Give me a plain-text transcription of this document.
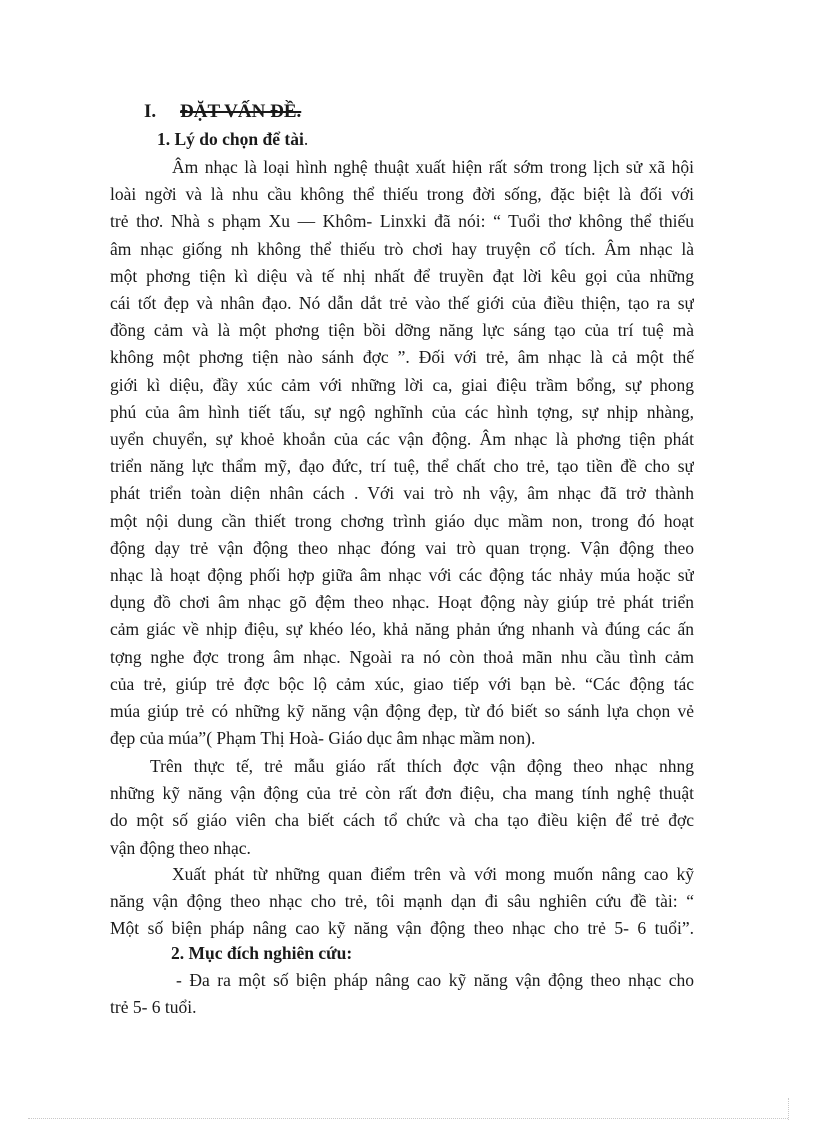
I. ĐẶT VẤN ĐỀ.
1. Lý do chọn để tài.
Âm nhạc là loại hình nghệ thuật xuất hiện rất sớm trong lịch sử xã hội
loài ngời và là nhu cầu không thể thiếu trong đời sống, đặc biệt là đối với
trẻ thơ. Nhà s phạm Xu — Khôm- Linxki đã nói: “ Tuổi thơ không thể thiếu
âm nhạc giống nh không thể thiếu trò chơi hay truyện cổ tích. Âm nhạc là
một phơng tiện kì diệu và tế nhị nhất để truyền đạt lời kêu gọi của những
cái tốt đẹp và nhân đạo. Nó dẫn dắt trẻ vào thế giới của điều thiện, tạo ra sự
đồng cảm và là một phơng tiện bồi dỡng năng lực sáng tạo của trí tuệ mà
không một phơng tiện nào sánh đợc ”. Đối với trẻ, âm nhạc là cả một thế
giới kì diệu, đầy xúc cảm với những lời ca, giai điệu trầm bổng, sự phong
phú của âm hình tiết tấu, sự ngộ nghĩnh của các hình tợng, sự nhịp nhàng,
uyển chuyển, sự khoẻ khoắn của các vận động. Âm nhạc là phơng tiện phát
triển năng lực thẩm mỹ, đạo đức, trí tuệ, thể chất cho trẻ, tạo tiền đề cho sự
phát triển toàn diện nhân cách . Với vai trò nh vậy, âm nhạc đã trở thành
một nội dung cần thiết trong chơng trình giáo dục mầm non, trong đó hoạt
động dạy trẻ vận động theo nhạc đóng vai trò quan trọng. Vận động theo
nhạc là hoạt động phối hợp giữa âm nhạc với các động tác nhảy múa hoặc sử
dụng đồ chơi âm nhạc gõ đệm theo nhạc. Hoạt động này giúp trẻ phát triển
cảm giác về nhịp điệu, sự khéo léo, khả năng phản ứng nhanh và đúng các ấn
tợng nghe đợc trong âm nhạc. Ngoài ra nó còn thoả mãn nhu cầu tình cảm
của trẻ, giúp trẻ đợc bộc lộ cảm xúc, giao tiếp với bạn bè. “Các động tác
múa giúp trẻ có những kỹ năng vận động đẹp, từ đó biết so sánh lựa chọn vẻ
đẹp của múa”( Phạm Thị Hoà- Giáo dục âm nhạc mầm non).
Trên thực tế, trẻ mẫu giáo rất thích đợc vận động theo nhạc nhng
những kỹ năng vận động của trẻ còn rất đơn điệu, cha mang tính nghệ thuật
do một số giáo viên cha biết cách tổ chức và cha tạo điều kiện để trẻ đợc
vận động theo nhạc.
Xuất phát từ những quan điểm trên và với mong muốn nâng cao kỹ
năng vận động theo nhạc cho trẻ, tôi mạnh dạn đi sâu nghiên cứu đề tài: “
Một số biện pháp nâng cao kỹ năng vận động theo nhạc cho trẻ 5- 6 tuổi”.
2. Mục đích nghiên cứu:
- Đa ra một số biện pháp nâng cao kỹ năng vận động theo nhạc cho
trẻ 5- 6 tuổi.
